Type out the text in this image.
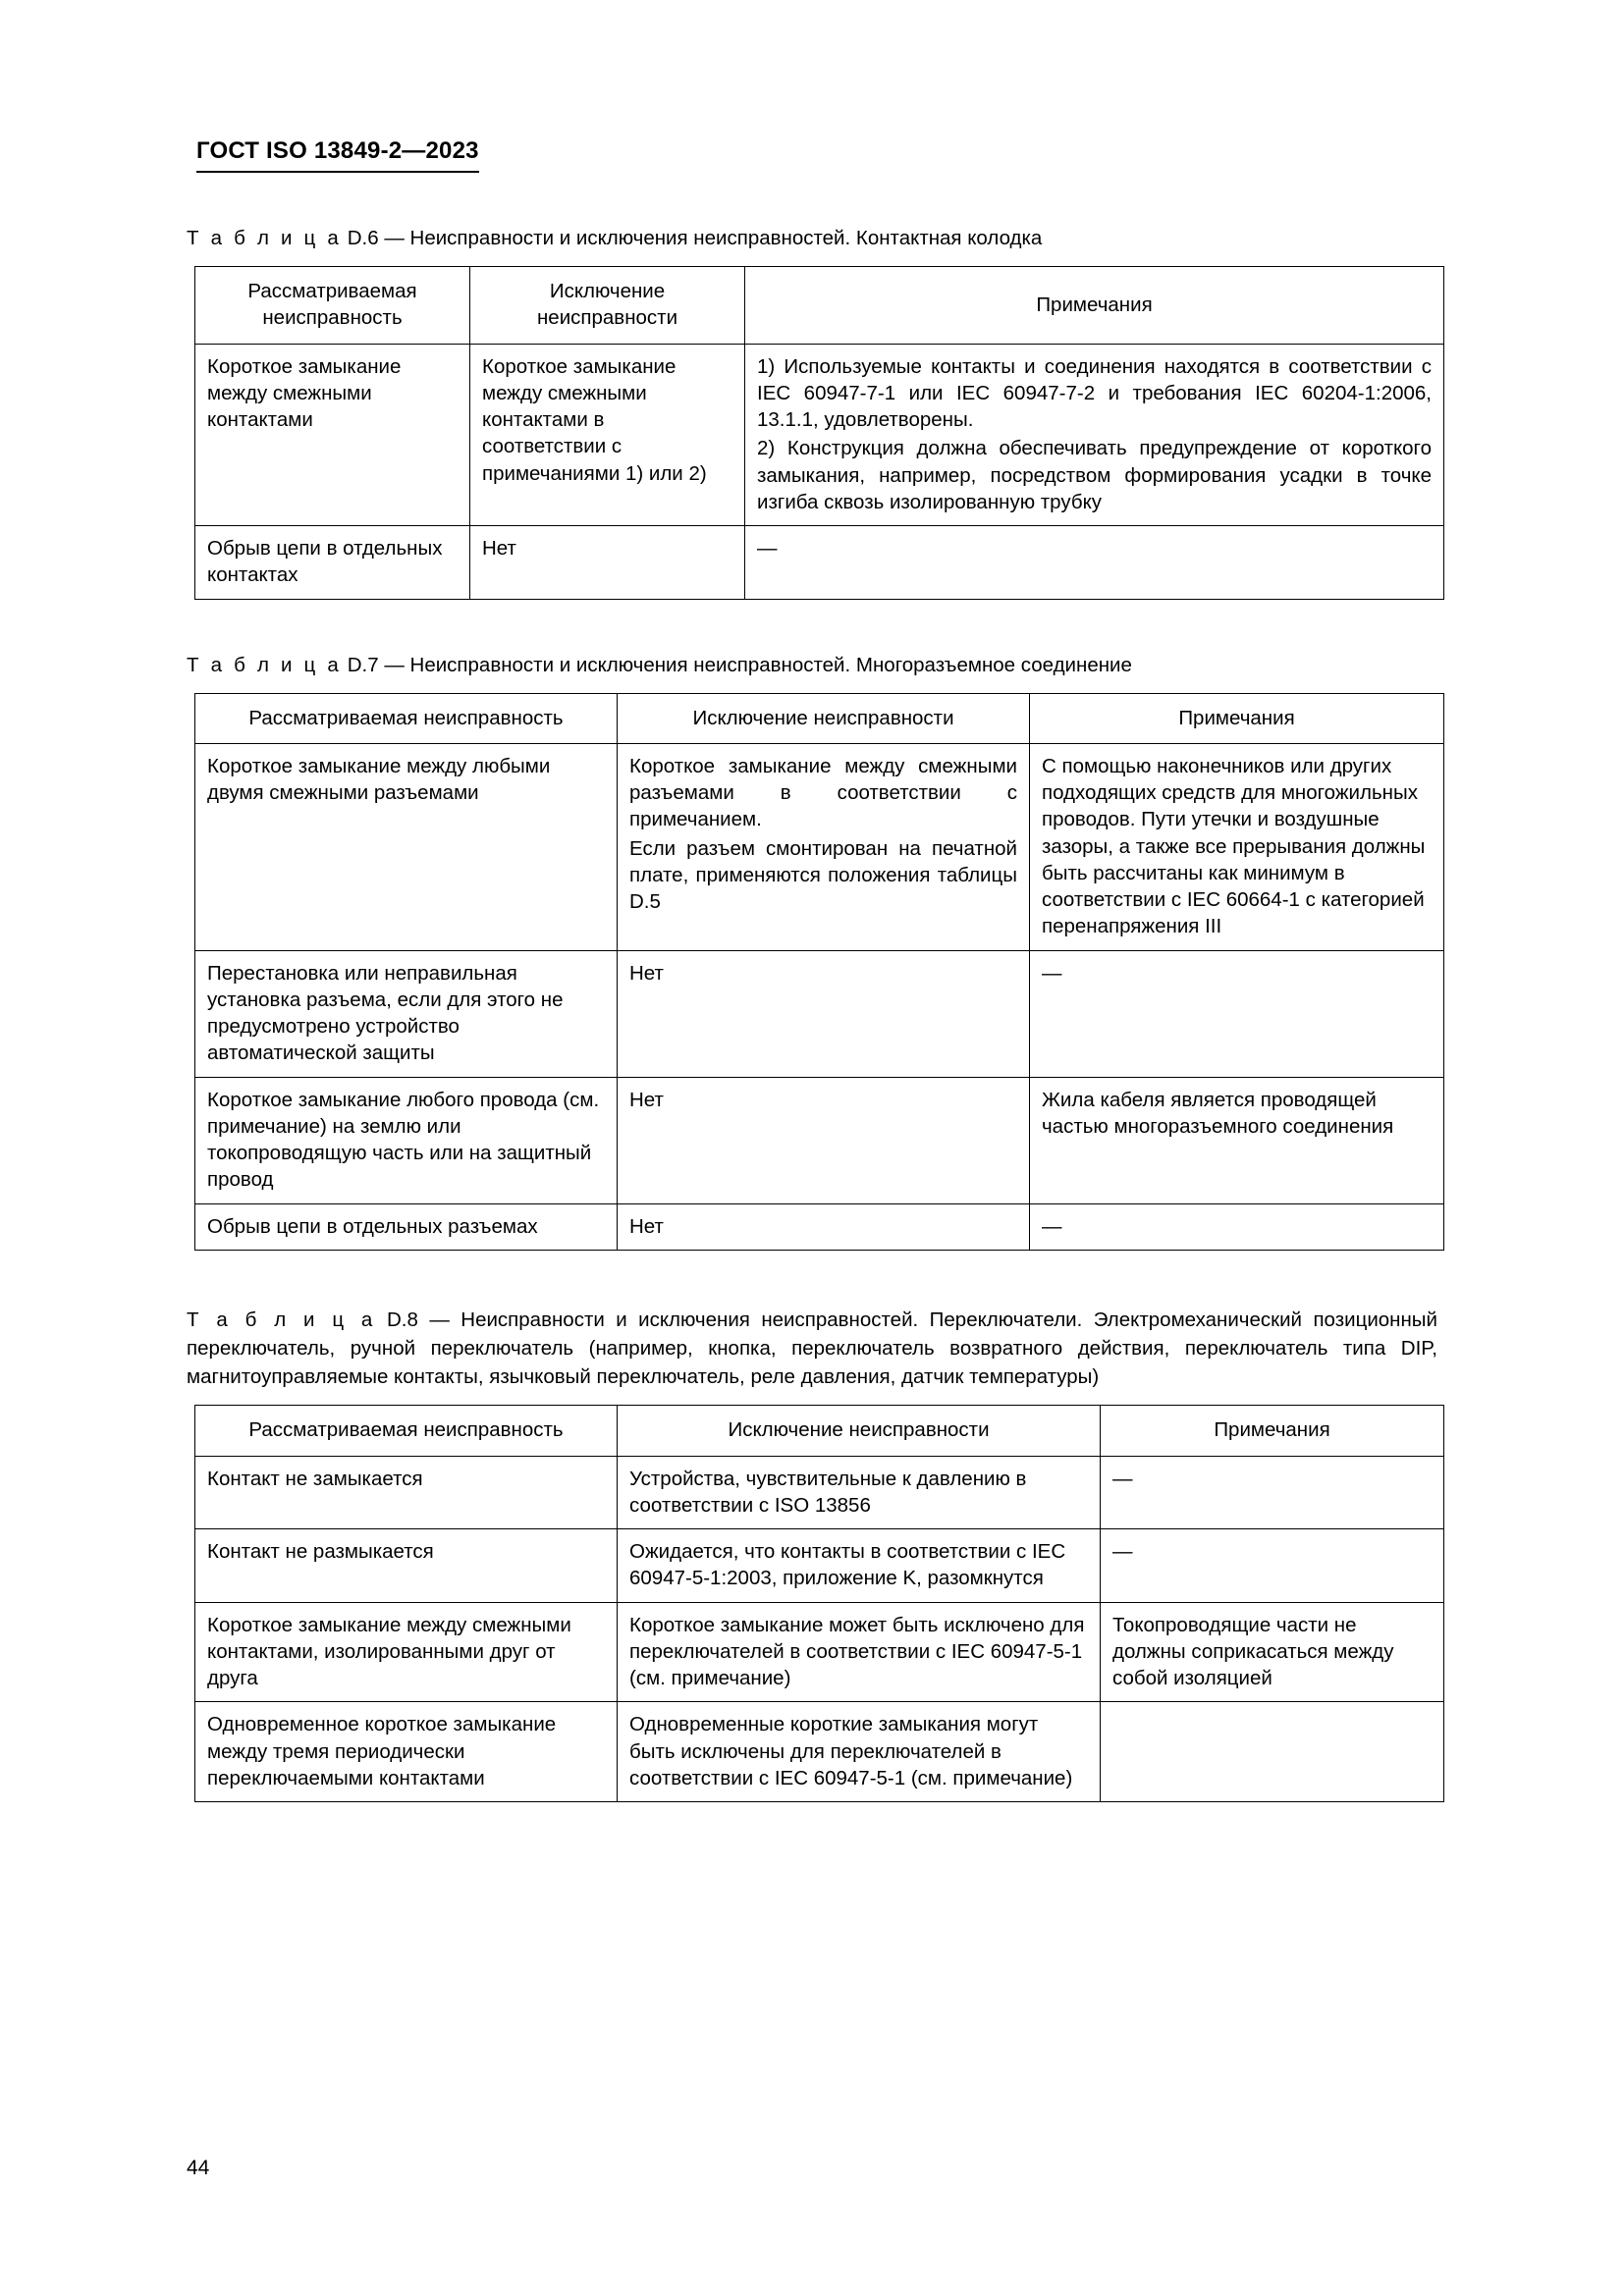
ГОСТ ISO 13849-2—2023

Т а б л и ц а D.6 — Неисправности и исключения неисправностей. Контактная колодка

Рассматриваемая неисправность	Исключение неисправности	Примечания
Короткое замыкание между смежными контактами	Короткое замыкание между смежными контактами в соответствии с примечаниями 1) или 2)	1) Используемые контакты и соединения находятся в соответствии с IEC 60947-7-1 или IEC 60947-7-2 и требования IEC 60204-1:2006, 13.1.1, удовлетворены.

2) Конструкция должна обеспечивать предупреждение от короткого замыкания, например, посредством формирования усадки в точке изгиба сквозь изолированную трубку

Обрыв цепи в отдельных контактах	Нет	—

Т а б л и ц а D.7 — Неисправности и исключения неисправностей. Многоразъемное соединение

Рассматриваемая неисправность	Исключение неисправности	Примечания
Короткое замыкание между любыми двумя смежными разъемами	Короткое замыкание между смежными разъемами в соответствии с примечанием.

Если разъем смонтирован на печатной плате, применяются положения таблицы D.5	С помощью наконечников или других подходящих средств для многожильных проводов. Пути утечки и воздушные зазоры, а также все прерывания должны быть рассчитаны как минимум в соответствии с IEC 60664-1 с категорией перенапряжения III
Перестановка или неправильная установка разъема, если для этого не предусмотрено устройство автоматической защиты	Нет	—
Короткое замыкание любого провода (см. примечание) на землю или токопроводящую часть или на защитный провод	Нет	Жила кабеля является проводящей частью многоразъемного соединения
Обрыв цепи в отдельных разъемах	Нет	—

Т а б л и ц а D.8 — Неисправности и исключения неисправностей. Переключатели. Электромеханический позиционный переключатель, ручной переключатель (например, кнопка, переключатель возвратного действия, переключатель типа DIP, магнитоуправляемые контакты, язычковый переключатель, реле давления, датчик температуры)

Рассматриваемая неисправность	Исключение неисправности	Примечания
Контакт не замыкается	Устройства, чувствительные к давлению в соответствии с ISO 13856	—
Контакт не размыкается	Ожидается, что контакты в соответствии с IEC 60947-5-1:2003, приложение K, разомкнутся	—
Короткое замыкание между смежными контактами, изолированными друг от друга	Короткое замыкание может быть исключено для переключателей в соответствии с IEC 60947-5-1 (см. примечание)	Токопроводящие части не должны соприкасаться между собой изоляцией
Одновременное короткое замыкание между тремя периодически переключаемыми контактами	Одновременные короткие замыкания могут быть исключены для переключателей в соответствии с IEC 60947-5-1 (см. примечание)	
44
